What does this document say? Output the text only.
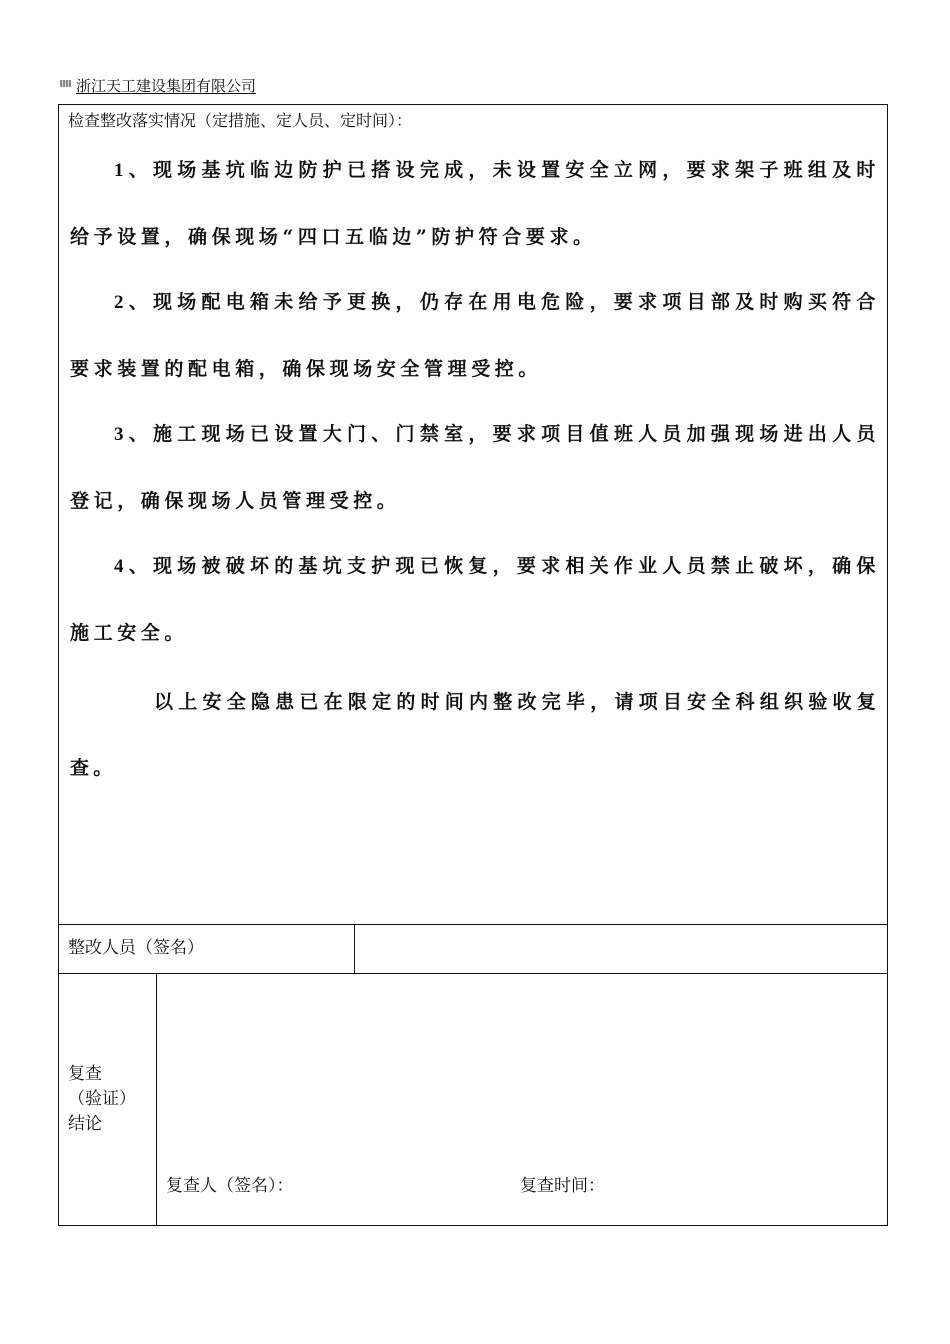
浙江天工建设集团有限公司
检查整改落实情况（定措施、定人员、定时间）：
1、现场基坑临边防护已搭设完成，未设置安全立网，要求架子班组及时给予设置，确保现场“四口五临边”防护符合要求。
2、现场配电箱未给予更换，仍存在用电危险，要求项目部及时购买符合要求装置的配电箱，确保现场安全管理受控。
3、施工现场已设置大门、门禁室，要求项目值班人员加强现场进出人员登记，确保现场人员管理受控。
4、现场被破坏的基坑支护现已恢复，要求相关作业人员禁止破坏，确保施工安全。
以上安全隐患已在限定的时间内整改完毕，请项目安全科组织验收复查。
整改人员（签名）
复查
（验证）
结论
复查人（签名）：	复查时间：
